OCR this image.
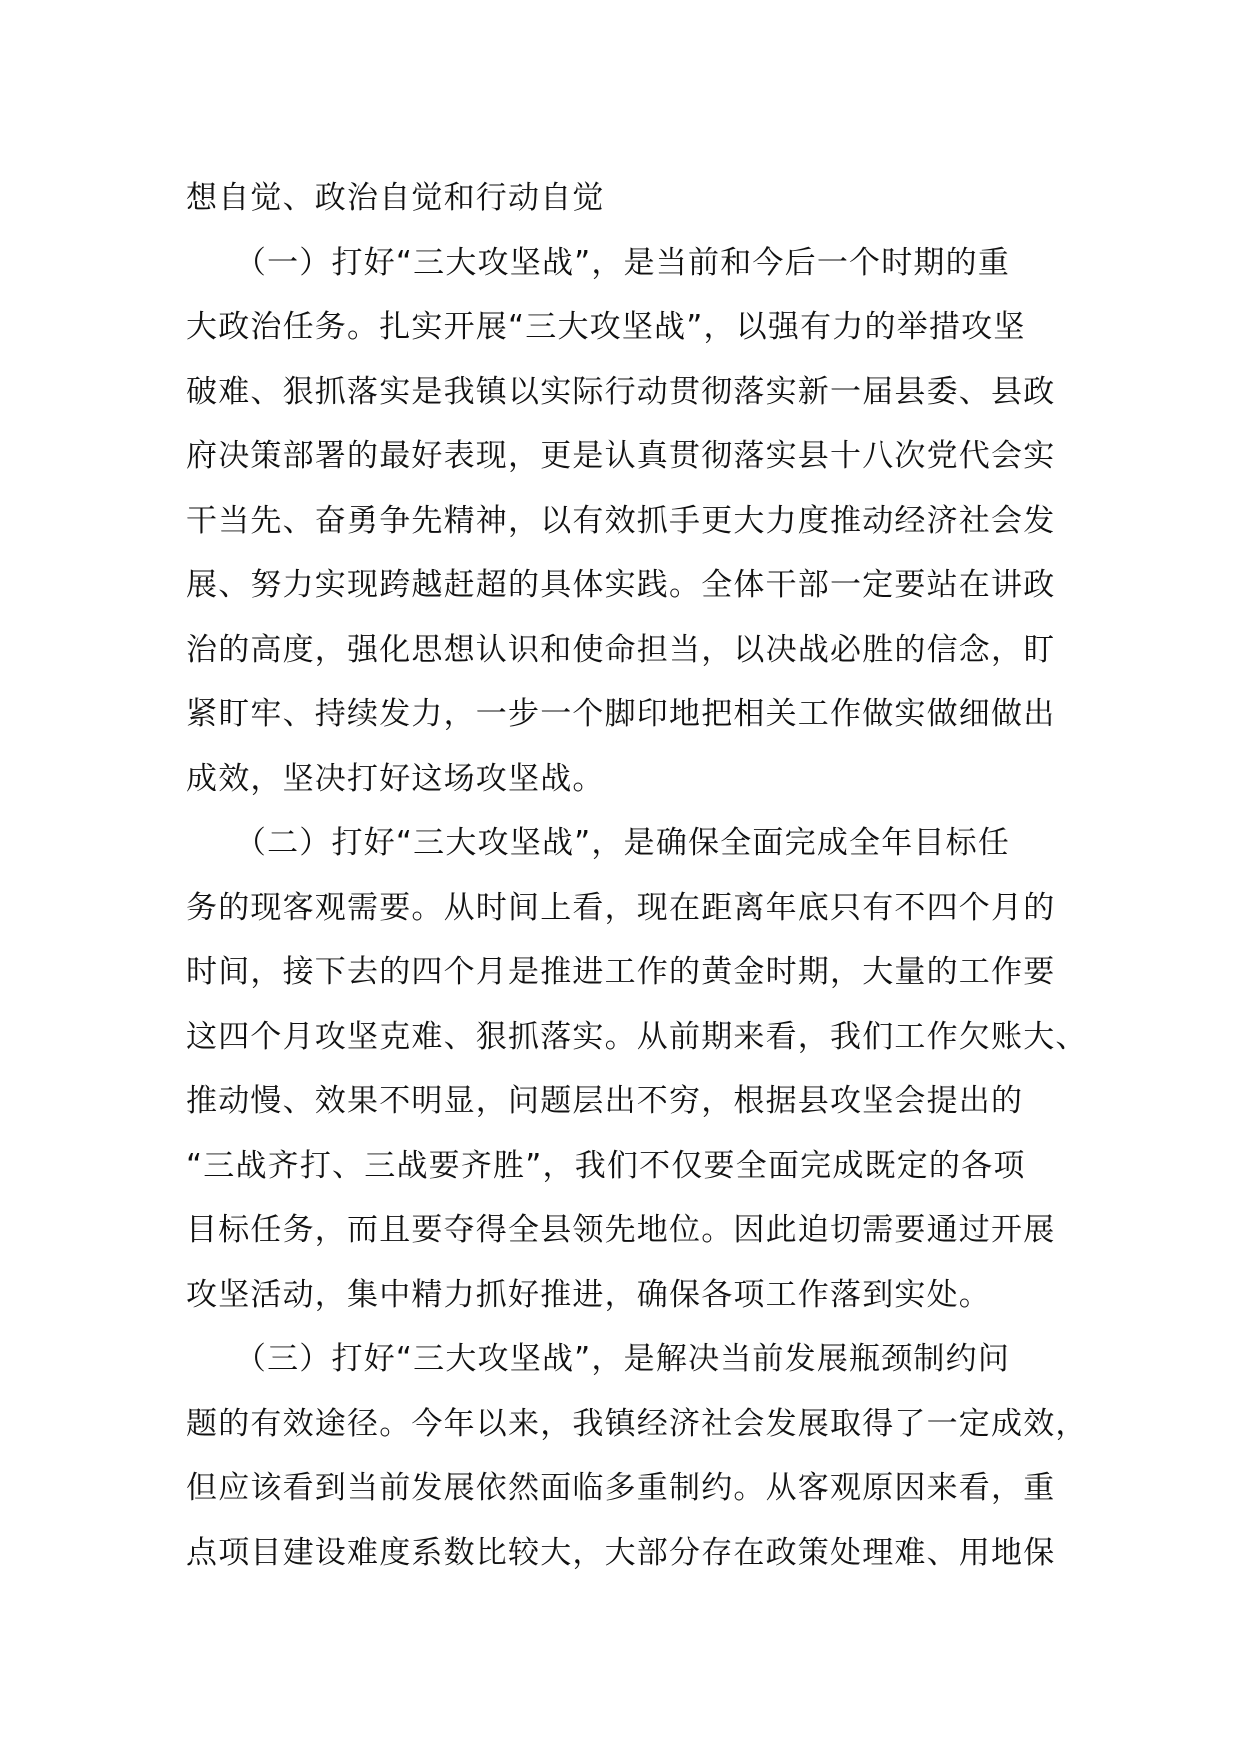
想自觉、政治自觉和行动自觉
　　（一）打好“三大攻坚战”，是当前和今后一个时期的重
大政治任务。扎实开展“三大攻坚战”，以强有力的举措攻坚
破难、狠抓落实是我镇以实际行动贯彻落实新一届县委、县政
府决策部署的最好表现，更是认真贯彻落实县十八次党代会实
干当先、奋勇争先精神，以有效抓手更大力度推动经济社会发
展、努力实现跨越赶超的具体实践。全体干部一定要站在讲政
治的高度，强化思想认识和使命担当，以决战必胜的信念，盯
紧盯牢、持续发力，一步一个脚印地把相关工作做实做细做出
成效，坚决打好这场攻坚战。
　　（二）打好“三大攻坚战”，是确保全面完成全年目标任
务的现客观需要。从时间上看，现在距离年底只有不四个月的
时间，接下去的四个月是推进工作的黄金时期，大量的工作要
这四个月攻坚克难、狠抓落实。从前期来看，我们工作欠账大、
推动慢、效果不明显，问题层出不穷，根据县攻坚会提出的
“三战齐打、三战要齐胜”，我们不仅要全面完成既定的各项
目标任务，而且要夺得全县领先地位。因此迫切需要通过开展
攻坚活动，集中精力抓好推进，确保各项工作落到实处。
　　（三）打好“三大攻坚战”，是解决当前发展瓶颈制约问
题的有效途径。今年以来，我镇经济社会发展取得了一定成效，
但应该看到当前发展依然面临多重制约。从客观原因来看，重
点项目建设难度系数比较大，大部分存在政策处理难、用地保
